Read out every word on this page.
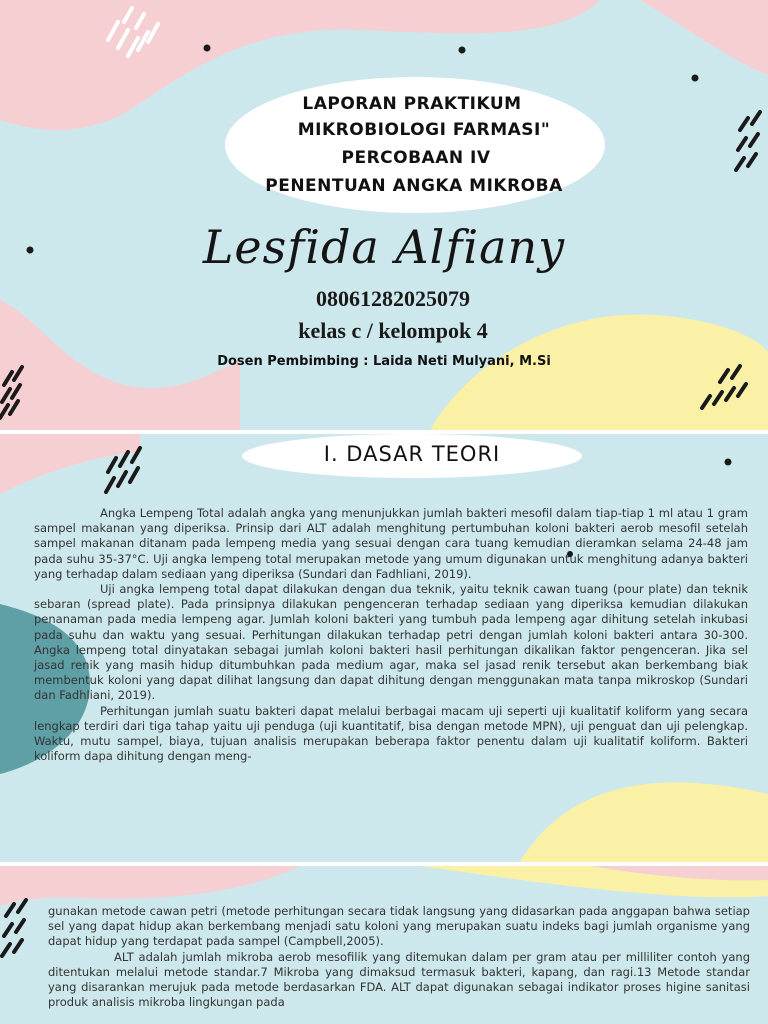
LAPORAN PRAKTIKUM
MIKROBIOLOGI FARMASI"
PERCOBAAN IV
PENENTUAN ANGKA MIKROBA
Lesfida Alfiany
08061282025079
kelas c / kelompok 4
Dosen Pembimbing : Laida Neti Mulyani, M.Si
I. DASAR TEORI

Angka Lempeng Total adalah angka yang menunjukkan jumlah bakteri mesofil dalam tiap-tiap 1 ml atau 1 gram sampel makanan yang diperiksa. Prinsip dari ALT adalah menghitung pertumbuhan koloni bakteri aerob mesofil setelah sampel makanan ditanam pada lempeng media yang sesuai dengan cara tuang kemudian dieramkan selama 24-48 jam pada suhu 35-37°C. Uji angka lempeng total merupakan metode yang umum digunakan untuk menghitung adanya bakteri yang terhadap dalam sediaan yang diperiksa (Sundari dan Fadhliani, 2019).

Uji angka lempeng total dapat dilakukan dengan dua teknik, yaitu teknik cawan tuang (pour plate) dan teknik sebaran (spread plate). Pada prinsipnya dilakukan pengenceran terhadap sediaan yang diperiksa kemudian dilakukan penanaman pada media lempeng agar. Jumlah koloni bakteri yang tumbuh pada lempeng agar dihitung setelah inkubasi pada suhu dan waktu yang sesuai. Perhitungan dilakukan terhadap petri dengan jumlah koloni bakteri antara 30-300. Angka lempeng total dinyatakan sebagai jumlah koloni bakteri hasil perhitungan dikalikan faktor pengenceran. Jika sel jasad renik yang masih hidup ditumbuhkan pada medium agar, maka sel jasad renik tersebut akan berkembang biak membentuk koloni yang dapat dilihat langsung dan dapat dihitung dengan menggunakan mata tanpa mikroskop (Sundari dan Fadhliani, 2019).

Perhitungan jumlah suatu bakteri dapat melalui berbagai macam uji seperti uji kualitatif koliform yang secara lengkap terdiri dari tiga tahap yaitu uji penduga (uji kuantitatif, bisa dengan metode MPN), uji penguat dan uji pelengkap. Waktu, mutu sampel, biaya, tujuan analisis merupakan beberapa faktor penentu dalam uji kualitatif koliform. Bakteri koliform dapa dihitung dengan meng-

gunakan metode cawan petri (metode perhitungan secara tidak langsung yang didasarkan pada anggapan bahwa setiap sel yang dapat hidup akan berkembang menjadi satu koloni yang merupakan suatu indeks bagi jumlah organisme yang dapat hidup yang terdapat pada sampel (Campbell,2005).

ALT adalah jumlah mikroba aerob mesofilik yang ditemukan dalam per gram atau per milliliter contoh yang ditentukan melalui metode standar.7 Mikroba yang dimaksud termasuk bakteri, kapang, dan ragi.13 Metode standar yang disarankan merujuk pada metode berdasarkan FDA. ALT dapat digunakan sebagai indikator proses higine sanitasi produk analisis mikroba lingkungan pada
